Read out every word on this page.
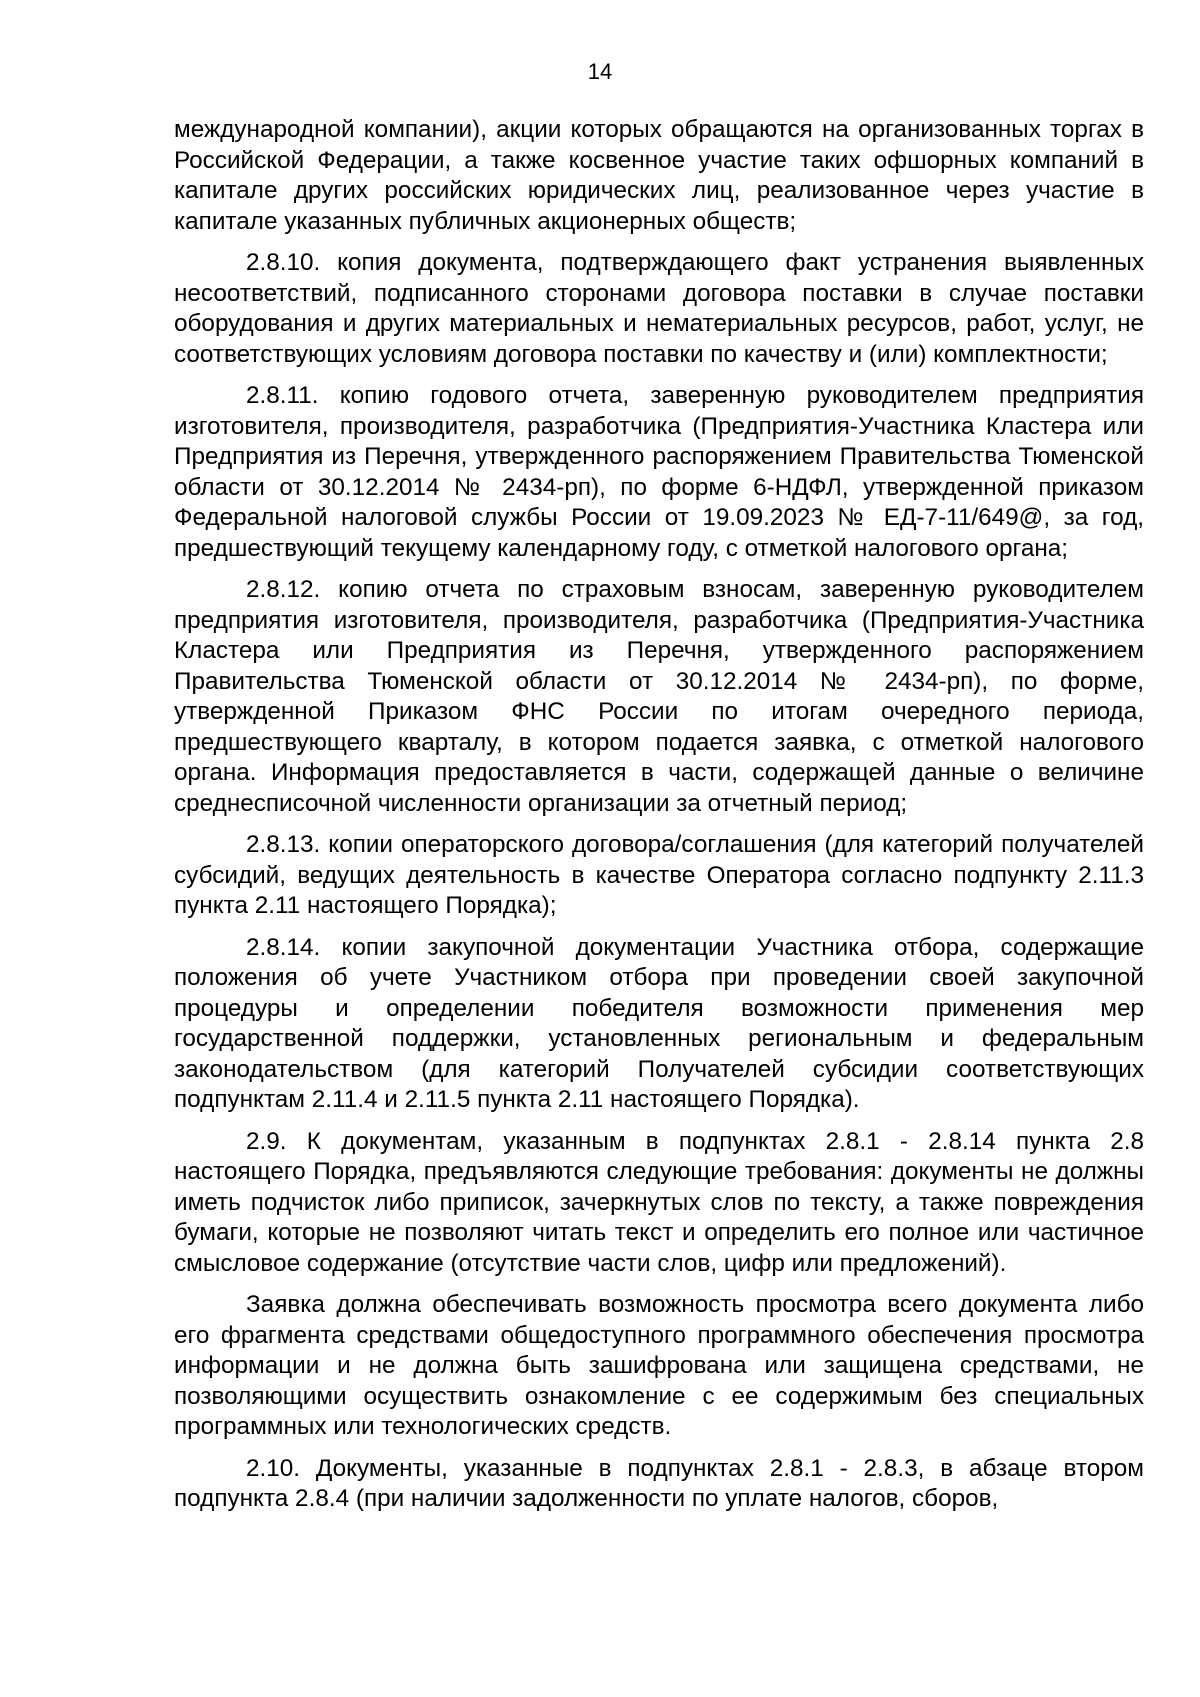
14

международной компании), акции которых обращаются на организованных торгах в Российской Федерации, а также косвенное участие таких офшорных компаний в капитале других российских юридических лиц, реализованное через участие в капитале указанных публичных акционерных обществ;

2.8.10. копия документа, подтверждающего факт устранения выявленных несоответствий, подписанного сторонами договора поставки в случае поставки оборудования и других материальных и нематериальных ресурсов, работ, услуг, не соответствующих условиям договора поставки по качеству и (или) комплектности;

2.8.11. копию годового отчета, заверенную руководителем предприятия изготовителя, производителя, разработчика (Предприятия-Участника Кластера или Предприятия из Перечня, утвержденного распоряжением Правительства Тюменской области от 30.12.2014 № 2434-рп), по форме 6-НДФЛ, утвержденной приказом Федеральной налоговой службы России от 19.09.2023 № ЕД-7-11/649@, за год, предшествующий текущему календарному году, с отметкой налогового органа;

2.8.12. копию отчета по страховым взносам, заверенную руководителем предприятия изготовителя, производителя, разработчика (Предприятия-Участника Кластера или Предприятия из Перечня, утвержденного распоряжением Правительства Тюменской области от 30.12.2014 № 2434-рп), по форме, утвержденной Приказом ФНС России по итогам очередного периода, предшествующего кварталу, в котором подается заявка, с отметкой налогового органа. Информация предоставляется в части, содержащей данные о величине среднесписочной численности организации за отчетный период;

2.8.13. копии операторского договора/соглашения (для категорий получателей субсидий, ведущих деятельность в качестве Оператора согласно подпункту 2.11.3 пункта 2.11 настоящего Порядка);

2.8.14. копии закупочной документации Участника отбора, содержащие положения об учете Участником отбора при проведении своей закупочной процедуры и определении победителя возможности применения мер государственной поддержки, установленных региональным и федеральным законодательством (для категорий Получателей субсидии соответствующих подпунктам 2.11.4 и 2.11.5 пункта 2.11 настоящего Порядка).

2.9. К документам, указанным в подпунктах 2.8.1 - 2.8.14 пункта 2.8 настоящего Порядка, предъявляются следующие требования: документы не должны иметь подчисток либо приписок, зачеркнутых слов по тексту, а также повреждения бумаги, которые не позволяют читать текст и определить его полное или частичное смысловое содержание (отсутствие части слов, цифр или предложений).

Заявка должна обеспечивать возможность просмотра всего документа либо его фрагмента средствами общедоступного программного обеспечения просмотра информации и не должна быть зашифрована или защищена средствами, не позволяющими осуществить ознакомление с ее содержимым без специальных программных или технологических средств.

2.10. Документы, указанные в подпунктах 2.8.1 - 2.8.3, в абзаце втором подпункта 2.8.4 (при наличии задолженности по уплате налогов, сборов,
